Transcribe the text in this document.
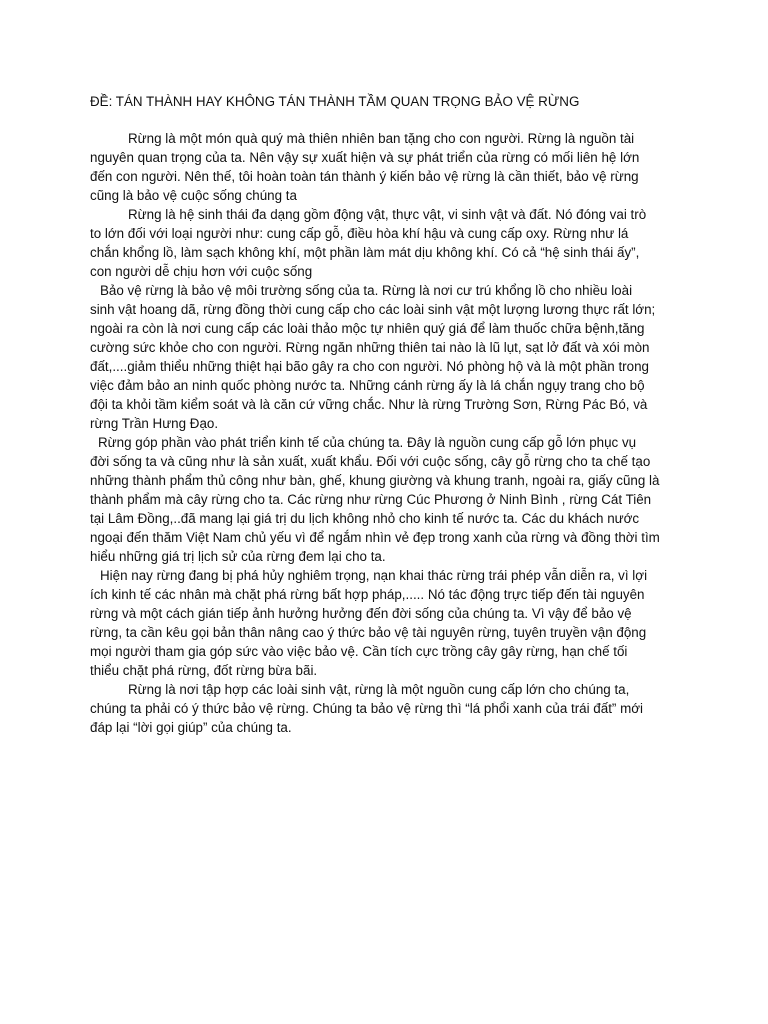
ĐỀ: TÁN THÀNH HAY KHÔNG TÁN THÀNH TẦM QUAN TRỌNG BẢO VỆ RỪNG
Rừng là một món quà quý mà thiên nhiên ban tặng cho con người. Rừng là nguồn tài
nguyên quan trọng của ta. Nên vậy sự xuất hiện và sự phát triển của rừng có mối liên hệ lớn
đến con người. Nên thế, tôi hoàn toàn tán thành ý kiến bảo vệ rừng là cần thiết, bảo vệ rừng
cũng là bảo vệ cuộc sống chúng ta
Rừng là hệ sinh thái đa dạng gồm động vật, thực vật, vi sinh vật và đất. Nó đóng vai trò
to lớn đối với loại người như: cung cấp gỗ, điều hòa khí hậu và cung cấp oxy. Rừng như lá
chắn khổng lồ, làm sạch không khí, một phần làm mát dịu không khí. Có cả “hệ sinh thái ấy”,
con người dễ chịu hơn với cuộc sống
Bảo vệ rừng là bảo vệ môi trường sống của ta. Rừng là nơi cư trú khổng lồ cho nhiều loài
sinh vật hoang dã, rừng đồng thời cung cấp cho các loài sinh vật một lượng lương thực rất lớn;
ngoài ra còn là nơi cung cấp các loài thảo mộc tự nhiên quý giá để làm thuốc chữa bệnh,tăng
cường sức khỏe cho con người. Rừng ngăn những thiên tai nào là lũ lụt, sạt lở đất và xói mòn
đất,....giảm thiểu những thiệt hại bão gây ra cho con người. Nó phòng hộ và là một phần trong
việc đảm bảo an ninh quốc phòng nước ta. Những cánh rừng ấy là lá chắn ngụy trang cho bộ
đội ta khỏi tầm kiểm soát và là căn cứ vững chắc. Như là rừng Trường Sơn, Rừng Pác Bó, và
rừng Trần Hưng Đạo.
Rừng góp phần vào phát triển kinh tế của chúng ta. Đây là nguồn cung cấp gỗ lớn phục vụ
đời sống ta và cũng như là sản xuất, xuất khẩu. Đối với cuộc sống, cây gỗ rừng cho ta chế tạo
những thành phẩm thủ công như bàn, ghế, khung giường và khung tranh, ngoài ra, giấy cũng là
thành phẩm mà cây rừng cho ta. Các rừng như rừng Cúc Phương ở Ninh Bình , rừng Cát Tiên
tại Lâm Đồng,..đã mang lại giá trị du lịch không nhỏ cho kinh tế nước ta. Các du khách nước
ngoại đến thăm Việt Nam chủ yếu vì để ngắm nhìn vẻ đẹp trong xanh của rừng và đồng thời tìm
hiểu những giá trị lịch sử của rừng đem lại cho ta.
Hiện nay rừng đang bị phá hủy nghiêm trọng, nạn khai thác rừng trái phép vẫn diễn ra, vì lợi
ích kinh tế các nhân mà chặt phá rừng bất hợp pháp,..... Nó tác động trực tiếp đến tài nguyên
rừng và một cách gián tiếp ảnh hưởng hưởng đến đời sống của chúng ta. Vì vậy để bảo vệ
rừng, ta cần kêu gọi bản thân nâng cao ý thức bảo vệ tài nguyên rừng, tuyên truyền vận động
mọi người tham gia góp sức vào việc bảo vệ. Cần tích cực trồng cây gây rừng, hạn chế tối
thiểu chặt phá rừng, đốt rừng bừa bãi.
Rừng là nơi tập hợp các loài sinh vật, rừng là một nguồn cung cấp lớn cho chúng ta,
chúng ta phải có ý thức bảo vệ rừng. Chúng ta bảo vệ rừng thì “lá phổi xanh của trái đất” mới
đáp lại “lời gọi giúp” của chúng ta.
